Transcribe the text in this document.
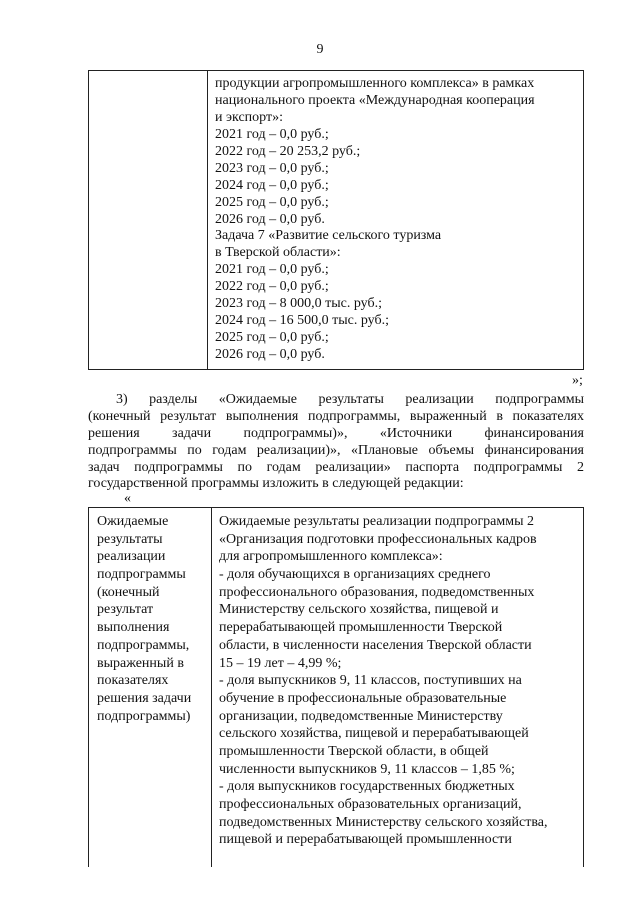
9
продукции агропромышленного комплекса» в рамках
национального проекта «Международная кооперация
и экспорт»:
2021 год – 0,0 руб.;
2022 год – 20 253,2 руб.;
2023 год – 0,0 руб.;
2024 год – 0,0 руб.;
2025 год – 0,0 руб.;
2026 год – 0,0 руб.
Задача 7 «Развитие сельского туризма
в Тверской области»:
2021 год – 0,0 руб.;
2022 год – 0,0 руб.;
2023 год – 8 000,0 тыс. руб.;
2024 год – 16 500,0 тыс. руб.;
2025 год – 0,0 руб.;
2026 год – 0,0 руб.
»;
3) разделы «Ожидаемые результаты реализации подпрограммы
(конечный результат выполнения подпрограммы, выраженный в показателях
решения задачи подпрограммы)», «Источники финансирования
подпрограммы по годам реализации)», «Плановые объемы финансирования
задач подпрограммы по годам реализации» паспорта подпрограммы 2
государственной программы изложить в следующей редакции:
«
Ожидаемые
результаты
реализации
подпрограммы
(конечный
результат
выполнения
подпрограммы,
выраженный в
показателях
решения задачи
подпрограммы)
Ожидаемые результаты реализации подпрограммы 2
«Организация подготовки профессиональных кадров
для агропромышленного комплекса»:
- доля обучающихся в организациях среднего
профессионального образования, подведомственных
Министерству сельского хозяйства, пищевой и
перерабатывающей промышленности Тверской
области, в численности населения Тверской области
15 – 19 лет – 4,99 %;
- доля выпускников 9, 11 классов, поступивших на
обучение в профессиональные образовательные
организации, подведомственные Министерству
сельского хозяйства, пищевой и перерабатывающей
промышленности Тверской области, в общей
численности выпускников 9, 11 классов – 1,85 %;
- доля выпускников государственных бюджетных
профессиональных образовательных организаций,
подведомственных Министерству сельского хозяйства,
пищевой и перерабатывающей промышленности
